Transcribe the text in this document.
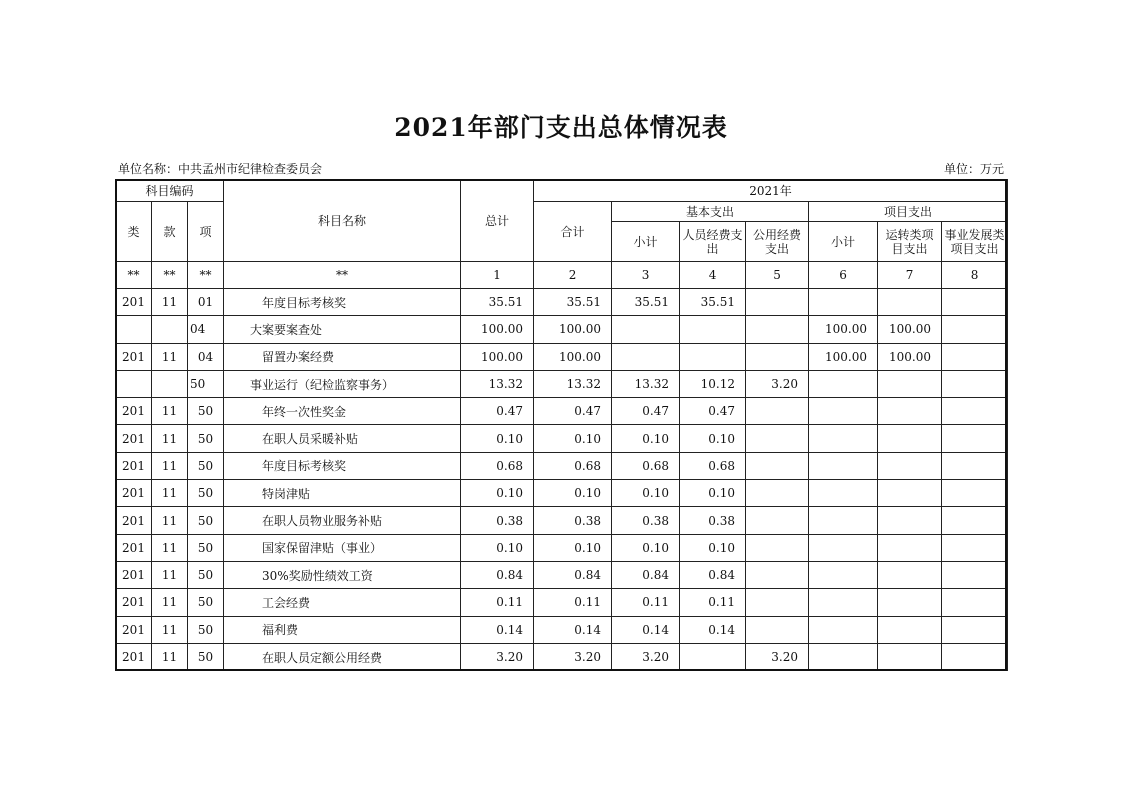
2021年部门支出总体情况表
单位名称：中共孟州市纪律检查委员会	单位：万元
科目编码			科目名称	总计	2021年						
类	款	项			合计	基本支出			项目支出		
						小计	人员经费支出	公用经费支出	小计	运转类项目支出	事业发展类项目支出
**	**	**	**	1	2	3	4	5	6	7	8
201	11	01	年度目标考核奖	35.51	35.51	35.51	35.51				
		04	大案要案查处	100.00	100.00				100.00	100.00	
201	11	04	留置办案经费	100.00	100.00				100.00	100.00	
		50	事业运行（纪检监察事务）	13.32	13.32	13.32	10.12	3.20			
201	11	50	年终一次性奖金	0.47	0.47	0.47	0.47				
201	11	50	在职人员采暖补贴	0.10	0.10	0.10	0.10				
201	11	50	年度目标考核奖	0.68	0.68	0.68	0.68				
201	11	50	特岗津贴	0.10	0.10	0.10	0.10				
201	11	50	在职人员物业服务补贴	0.38	0.38	0.38	0.38				
201	11	50	国家保留津贴（事业）	0.10	0.10	0.10	0.10				
201	11	50	30%奖励性绩效工资	0.84	0.84	0.84	0.84				
201	11	50	工会经费	0.11	0.11	0.11	0.11				
201	11	50	福利费	0.14	0.14	0.14	0.14				
201	11	50	在职人员定额公用经费	3.20	3.20	3.20		3.20			
